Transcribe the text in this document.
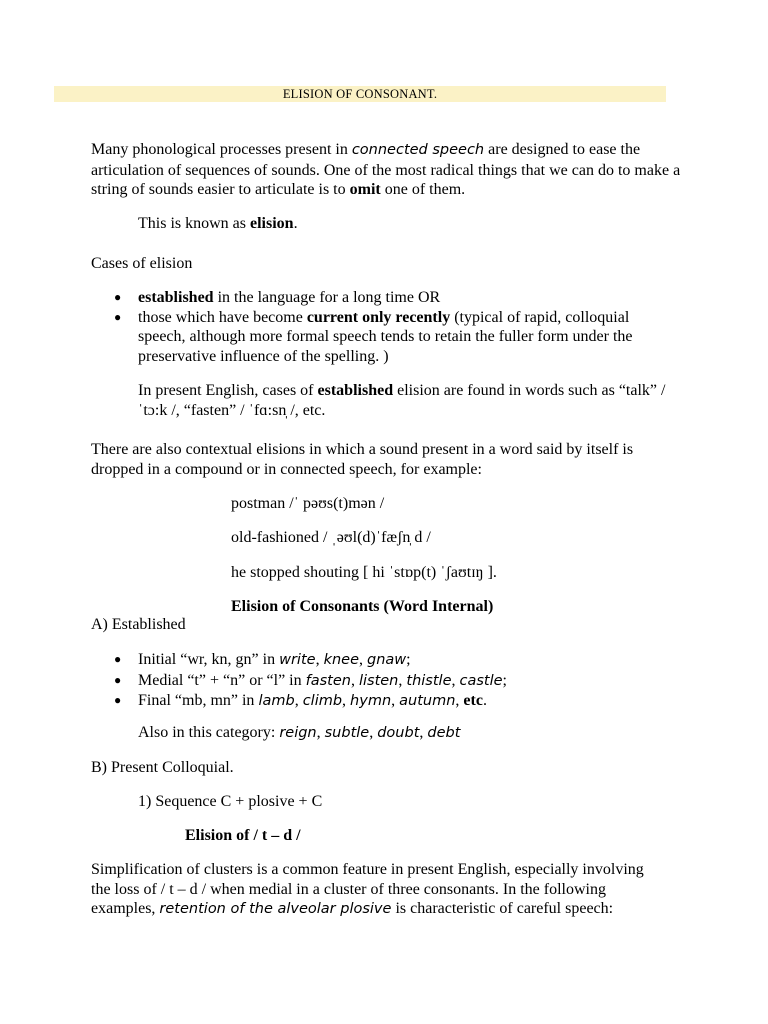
ELISION OF CONSONANT.

Many phonological processes present in connected speech are designed to ease the articulation of sequences of sounds. One of the most radical things that we can do to make a string of sounds easier to articulate is to omit one of them.

This is known as elision.
Cases of elision
● established in the language for a long time OR
● those which have become current only recently (typical of rapid, colloquial speech, although more formal speech tends to retain the fuller form under the preservative influence of the spelling. )
In present English, cases of established elision are found in words such as “talk” / ˈtɔ:k /, “fasten” / ˈfɑ:sn̩ /, etc.
There are also contextual elisions in which a sound present in a word said by itself is dropped in a compound or in connected speech, for example:
postman /ˈ pəʊs(t)mən /
old-fashioned / ˌəʊl(d)ˈfæʃn̩ d /
he stopped shouting [ hi ˈstɒp(t) ˈʃaʊtɪŋ ].
Elision of Consonants (Word Internal)
A) Established
● Initial “wr, kn, gn” in write, knee, gnaw;
● Medial “t” + “n” or “l” in fasten, listen, thistle, castle;
● Final “mb, mn” in lamb, climb, hymn, autumn, etc.
Also in this category: reign, subtle, doubt, debt
B) Present Colloquial.
1) Sequence C + plosive + C
Elision of / t – d /
Simplification of clusters is a common feature in present English, especially involving the loss of / t – d / when medial in a cluster of three consonants. In the following examples, retention of the alveolar plosive is characteristic of careful speech:
